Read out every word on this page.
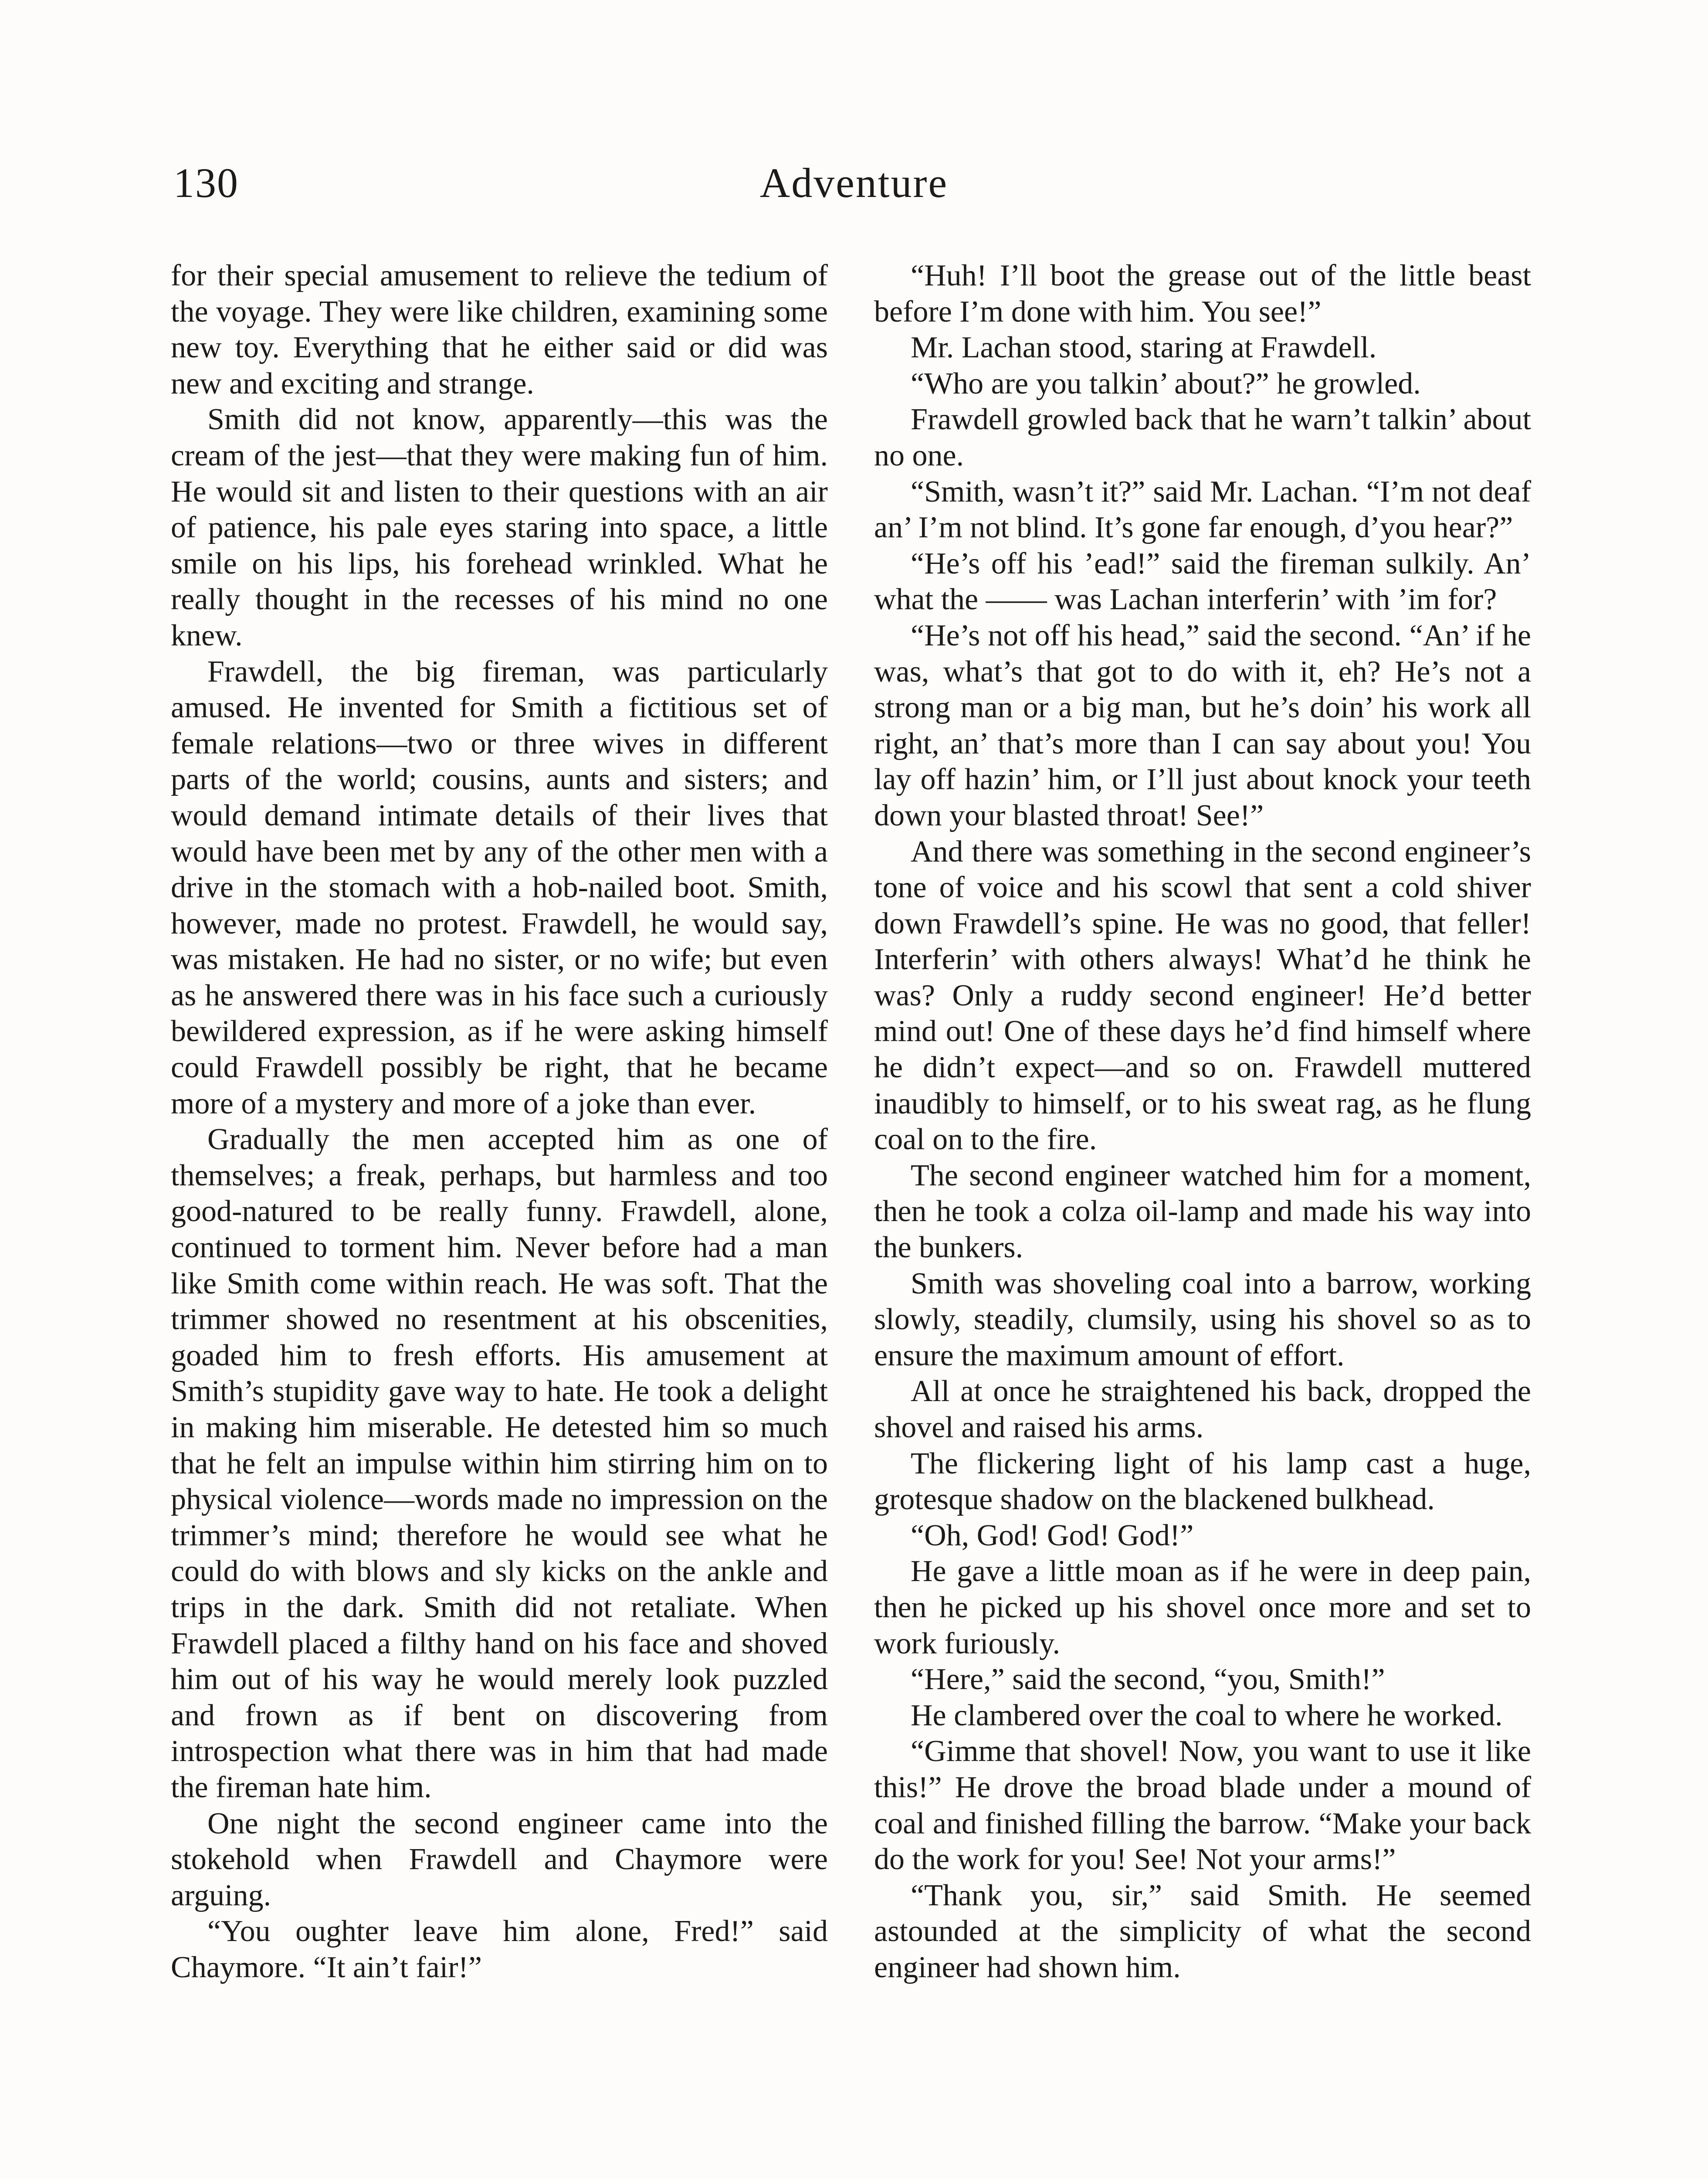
130	Adventure

for their special amusement to relieve the tedium of the voyage. They were like children, examining some new toy. Everything that he either said or did was new and exciting and strange.

Smith did not know, apparently—this was the cream of the jest—that they were making fun of him. He would sit and listen to their questions with an air of patience, his pale eyes staring into space, a little smile on his lips, his forehead wrinkled. What he really thought in the recesses of his mind no one knew.

Frawdell, the big fireman, was particularly amused. He invented for Smith a fictitious set of female relations—two or three wives in different parts of the world; cousins, aunts and sisters; and would demand intimate details of their lives that would have been met by any of the other men with a drive in the stomach with a hob-nailed boot. Smith, however, made no protest. Frawdell, he would say, was mistaken. He had no sister, or no wife; but even as he answered there was in his face such a curiously bewildered expression, as if he were asking himself could Frawdell possibly be right, that he became more of a mystery and more of a joke than ever.

Gradually the men accepted him as one of themselves; a freak, perhaps, but harmless and too good-natured to be really funny. Frawdell, alone, continued to torment him. Never before had a man like Smith come within reach. He was soft. That the trimmer showed no resentment at his obscenities, goaded him to fresh efforts. His amusement at Smith’s stupidity gave way to hate. He took a delight in making him miserable. He detested him so much that he felt an impulse within him stirring him on to physical violence—words made no impression on the trimmer’s mind; therefore he would see what he could do with blows and sly kicks on the ankle and trips in the dark. Smith did not retaliate. When Frawdell placed a filthy hand on his face and shoved him out of his way he would merely look puzzled and frown as if bent on discovering from introspection what there was in him that had made the fireman hate him.

One night the second engineer came into the stokehold when Frawdell and Chaymore were arguing.

“You oughter leave him alone, Fred!” said Chaymore. “It ain’t fair!”

“Huh! I’ll boot the grease out of the little beast before I’m done with him. You see!”

Mr. Lachan stood, staring at Frawdell.

“Who are you talkin’ about?” he growled.

Frawdell growled back that he warn’t talkin’ about no one.

“Smith, wasn’t it?” said Mr. Lachan. “I’m not deaf an’ I’m not blind. It’s gone far enough, d’you hear?”

“He’s off his ’ead!” said the fireman sulkily. An’ what the —— was Lachan interferin’ with ’im for?

“He’s not off his head,” said the second. “An’ if he was, what’s that got to do with it, eh? He’s not a strong man or a big man, but he’s doin’ his work all right, an’ that’s more than I can say about you! You lay off hazin’ him, or I’ll just about knock your teeth down your blasted throat! See!”

And there was something in the second engineer’s tone of voice and his scowl that sent a cold shiver down Frawdell’s spine. He was no good, that feller! Interferin’ with others always! What’d he think he was? Only a ruddy second engineer! He’d better mind out! One of these days he’d find himself where he didn’t expect—and so on. Frawdell muttered inaudibly to himself, or to his sweat rag, as he flung coal on to the fire.

The second engineer watched him for a moment, then he took a colza oil-lamp and made his way into the bunkers.

Smith was shoveling coal into a barrow, working slowly, steadily, clumsily, using his shovel so as to ensure the maximum amount of effort.

All at once he straightened his back, dropped the shovel and raised his arms.

The flickering light of his lamp cast a huge, grotesque shadow on the blackened bulkhead.

“Oh, God! God! God!”

He gave a little moan as if he were in deep pain, then he picked up his shovel once more and set to work furiously.

“Here,” said the second, “you, Smith!”

He clambered over the coal to where he worked.

“Gimme that shovel! Now, you want to use it like this!” He drove the broad blade under a mound of coal and finished filling the barrow. “Make your back do the work for you! See! Not your arms!”

“Thank you, sir,” said Smith. He seemed astounded at the simplicity of what the second engineer had shown him.
